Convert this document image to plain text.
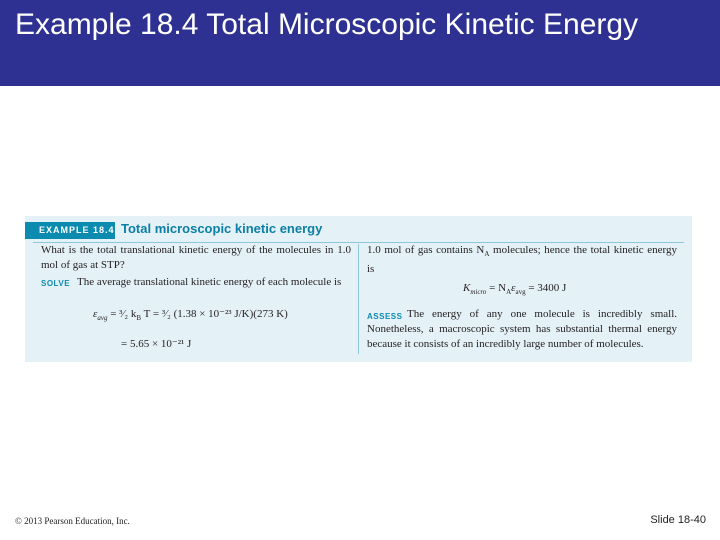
Example 18.4 Total Microscopic Kinetic Energy
EXAMPLE 18.4 Total microscopic kinetic energy
What is the total translational kinetic energy of the molecules in 1.0 mol of gas at STP?
SOLVE The average translational kinetic energy of each molecule is
$\varepsilon_{avg}$ = ³⁄₂ $k_B$ T = ³⁄₂ (1.38 × 10⁻²³ J/K)(273 K)
= 5.65 × 10⁻²¹ J
1.0 mol of gas contains $N_A$ molecules; hence the total kinetic energy is
$K_{micro} = N_A\varepsilon_{avg} = 3400$ J
ASSESS The energy of any one molecule is incredibly small. Nonetheless, a macroscopic system has substantial thermal energy because it consists of an incredibly large number of molecules.
© 2013 Pearson Education, Inc.	Slide 18-40
